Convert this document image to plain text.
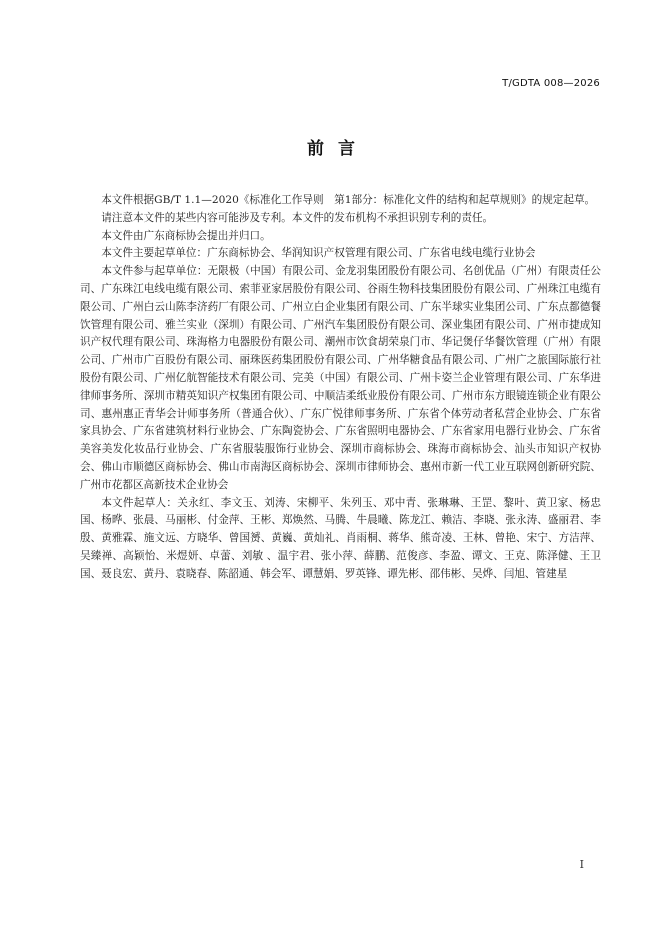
T/GDTA 008—2026
前言

本文件根据GB/T 1.1—2020《标准化工作导则　第1部分：标准化文件的结构和起草规则》的规定起草。

请注意本文件的某些内容可能涉及专利。本文件的发布机构不承担识别专利的责任。

本文件由广东商标协会提出并归口。

本文件主要起草单位：广东商标协会、华润知识产权管理有限公司、广东省电线电缆行业协会

本文件参与起草单位：无限极（中国）有限公司、金龙羽集团股份有限公司、名创优品（广州）有限责任公司、广东珠江电线电缆有限公司、索菲亚家居股份有限公司、谷雨生物科技集团股份有限公司、广州珠江电缆有限公司、广州白云山陈李济药厂有限公司、广州立白企业集团有限公司、广东半球实业集团公司、广东点都德餐饮管理有限公司、雅兰实业（深圳）有限公司、广州汽车集团股份有限公司、深业集团有限公司、广州市捷成知识产权代理有限公司、珠海格力电器股份有限公司、潮州市饮食胡荣泉门市、华记煲仔华餐饮管理（广州）有限公司、广州市广百股份有限公司、丽珠医药集团股份有限公司、广州华糖食品有限公司、广州广之旅国际旅行社股份有限公司、广州亿航智能技术有限公司、完美（中国）有限公司、广州卡姿兰企业管理有限公司、广东华进律师事务所、深圳市精英知识产权集团有限公司、中顺洁柔纸业股份有限公司、广州市东方眼镜连锁企业有限公司、惠州惠正青华会计师事务所（普通合伙）、广东广悦律师事务所、广东省个体劳动者私营企业协会、广东省家具协会、广东省建筑材料行业协会、广东陶瓷协会、广东省照明电器协会、广东省家用电器行业协会、广东省美容美发化妆品行业协会、广东省服装服饰行业协会、深圳市商标协会、珠海市商标协会、汕头市知识产权协会、佛山市顺德区商标协会、佛山市南海区商标协会、深圳市律师协会、惠州市新一代工业互联网创新研究院、广州市花都区高新技术企业协会

本文件起草人：关永红、李文玉、刘涛、宋柳平、朱列玉、邓中青、张琳琳、王罡、黎叶、黄卫家、杨忠国、杨晔、张晨、马丽彬、付金萍、王彬、郑焕然、马腾、牛晨曦、陈龙江、赖洁、李晓、张永涛、盛丽君、李殷、黄雅霖、施文远、方晓华、曾国赟、黄巍、黄灿礼、肖雨桐、蒋华、熊奇凌、王林、曾艳、宋宁、方洁萍、吴臻禅、高颖怡、米煜妍、卓蕾、刘敏 、温宇君、张小萍、薛鹏、范俊彦、李盈、谭文、王克、陈泽健、王卫国、聂良宏、黄丹、袁晓春、陈韶通、韩会军、谭慧娟、罗英锋、谭先彬、邵伟彬、吴烨、闫旭、管建星

I
